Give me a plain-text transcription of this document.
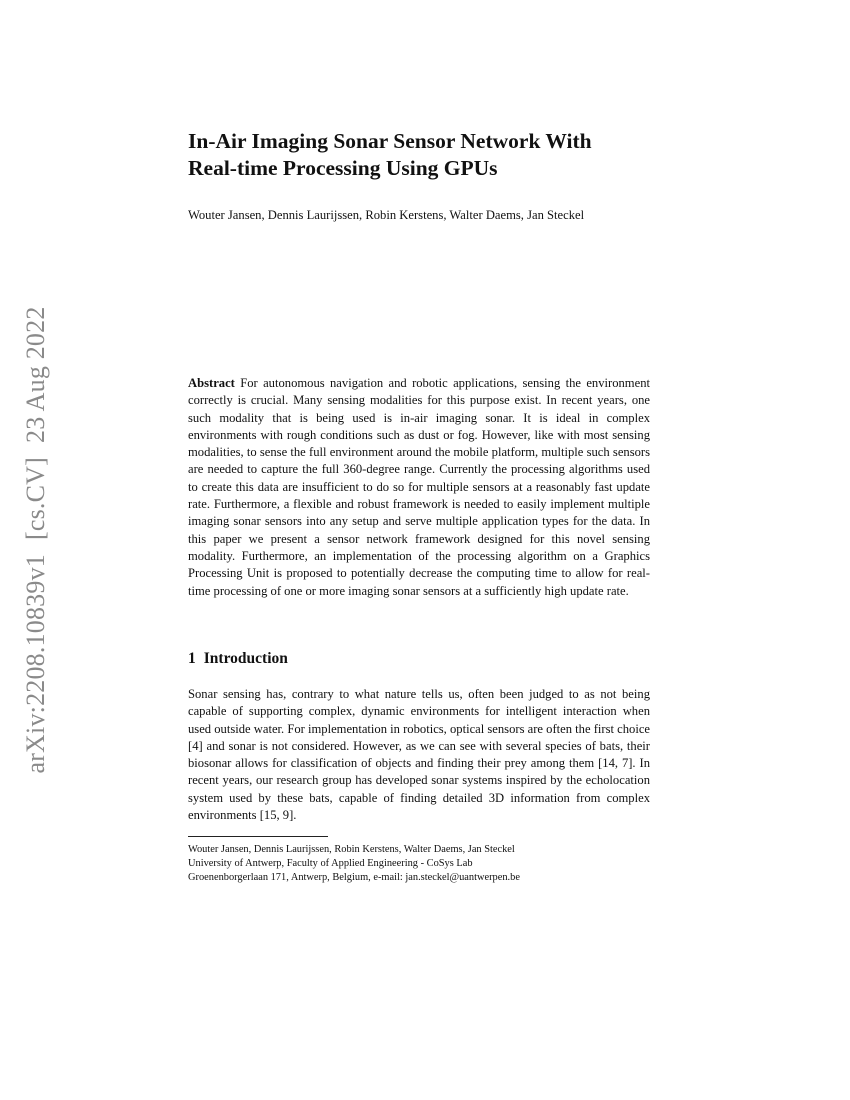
arXiv:2208.10839v1[cs.CV]23 Aug 2022
In-Air Imaging Sonar Sensor Network With
Real-time Processing Using GPUs
Wouter Jansen, Dennis Laurijssen, Robin Kerstens, Walter Daems, Jan Steckel

Abstract For autonomous navigation and robotic applications, sensing the environment correctly is crucial. Many sensing modalities for this purpose exist. In recent years, one such modality that is being used is in-air imaging sonar. It is ideal in complex environments with rough conditions such as dust or fog. However, like with most sensing modalities, to sense the full environment around the mobile platform, multiple such sensors are needed to capture the full 360-degree range. Currently the processing algorithms used to create this data are insufficient to do so for multiple sensors at a reasonably fast update rate. Furthermore, a flexible and robust framework is needed to easily implement multiple imaging sonar sensors into any setup and serve multiple application types for the data. In this paper we present a sensor network framework designed for this novel sensing modality. Furthermore, an implementation of the processing algorithm on a Graphics Processing Unit is proposed to potentially decrease the computing time to allow for real-time processing of one or more imaging sonar sensors at a sufficiently high update rate.

1 Introduction

Sonar sensing has, contrary to what nature tells us, often been judged to as not being capable of supporting complex, dynamic environments for intelligent interaction when used outside water. For implementation in robotics, optical sensors are often the first choice [4] and sonar is not considered. However, as we can see with several species of bats, their biosonar allows for classification of objects and finding their prey among them [14, 7]. In recent years, our research group has developed sonar systems inspired by the echolocation system used by these bats, capable of finding detailed 3D information from complex environments [15, 9].

Wouter Jansen, Dennis Laurijssen, Robin Kerstens, Walter Daems, Jan Steckel
University of Antwerp, Faculty of Applied Engineering - CoSys Lab
Groenenborgerlaan 171, Antwerp, Belgium, e-mail: jan.steckel@uantwerpen.be
